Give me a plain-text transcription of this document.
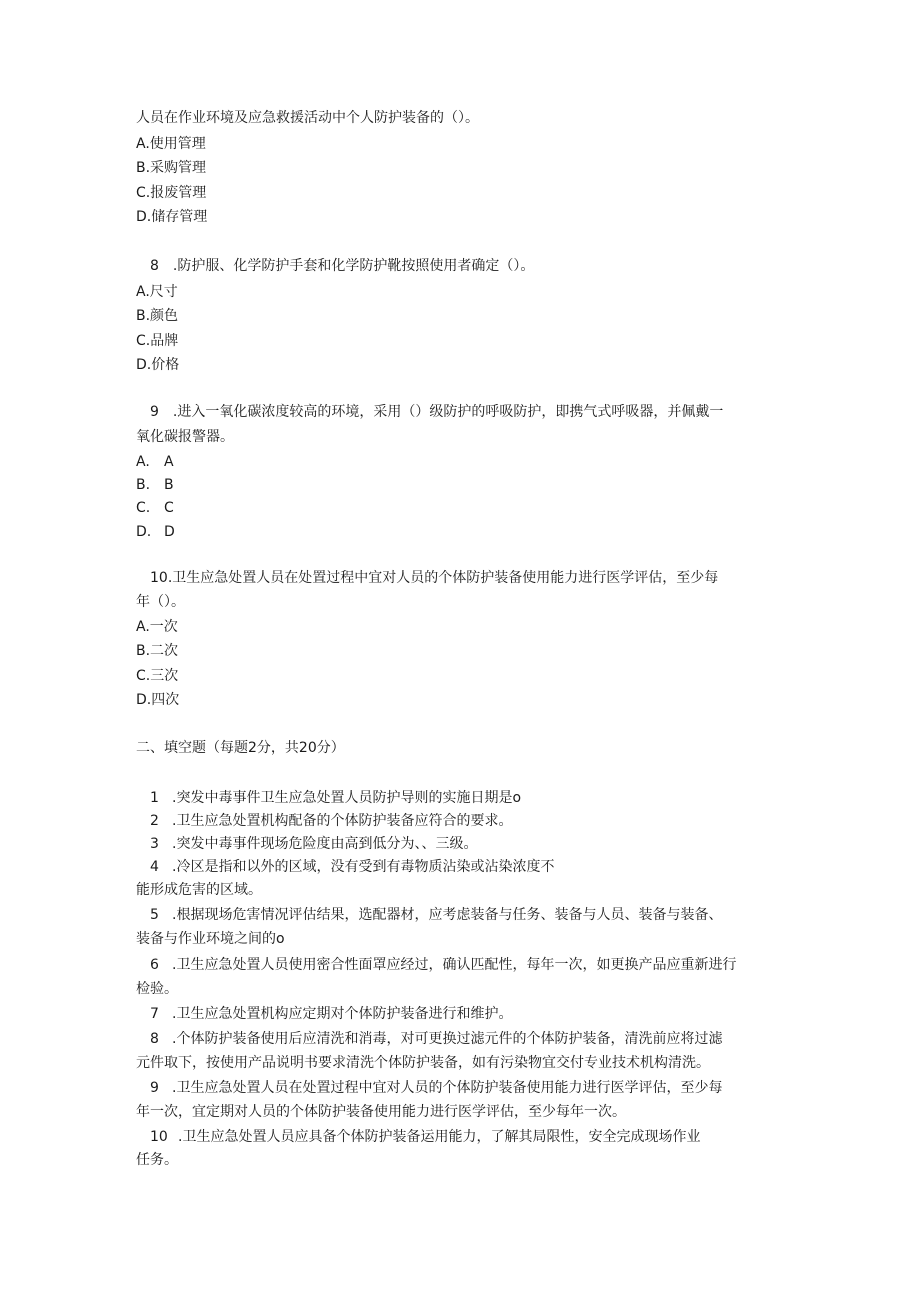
人员在作业环境及应急救援活动中个人防护装备的（）。
A.使用管理
B.采购管理
C.报废管理
D.储存管理
8　.防护服、化学防护手套和化学防护靴按照使用者确定（）。
A.尺寸
B.颜色
C.品牌
D.价格
9　.进入一氧化碳浓度较高的环境，采用（）级防护的呼吸防护，即携气式呼吸器，并佩戴一
氧化碳报警器。
A. A
B. B
C. C
D. D
10.卫生应急处置人员在处置过程中宜对人员的个体防护装备使用能力进行医学评估，至少每
年（）。
A.一次
B.二次
C.三次
D.四次
二、填空题（每题2分，共20分）
1 .突发中毒事件卫生应急处置人员防护导则的实施日期是o
2 .卫生应急处置机构配备的个体防护装备应符合的要求。
3 .突发中毒事件现场危险度由高到低分为、、三级。
4 .冷区是指和以外的区域，没有受到有毒物质沾染或沾染浓度不
能形成危害的区域。
5 .根据现场危害情况评估结果，选配器材，应考虑装备与任务、装备与人员、装备与装备、
装备与作业环境之间的o
6 .卫生应急处置人员使用密合性面罩应经过，确认匹配性，每年一次，如更换产品应重新进行
检验。
7 .卫生应急处置机构应定期对个体防护装备进行和维护。
8 .个体防护装备使用后应清洗和消毒，对可更换过滤元件的个体防护装备，清洗前应将过滤
元件取下，按使用产品说明书要求清洗个体防护装备，如有污染物宜交付专业技术机构清洗。
9 .卫生应急处置人员在处置过程中宜对人员的个体防护装备使用能力进行医学评估，至少每
年一次，宜定期对人员的个体防护装备使用能力进行医学评估，至少每年一次。
10 .卫生应急处置人员应具备个体防护装备运用能力，了解其局限性，安全完成现场作业
任务。
